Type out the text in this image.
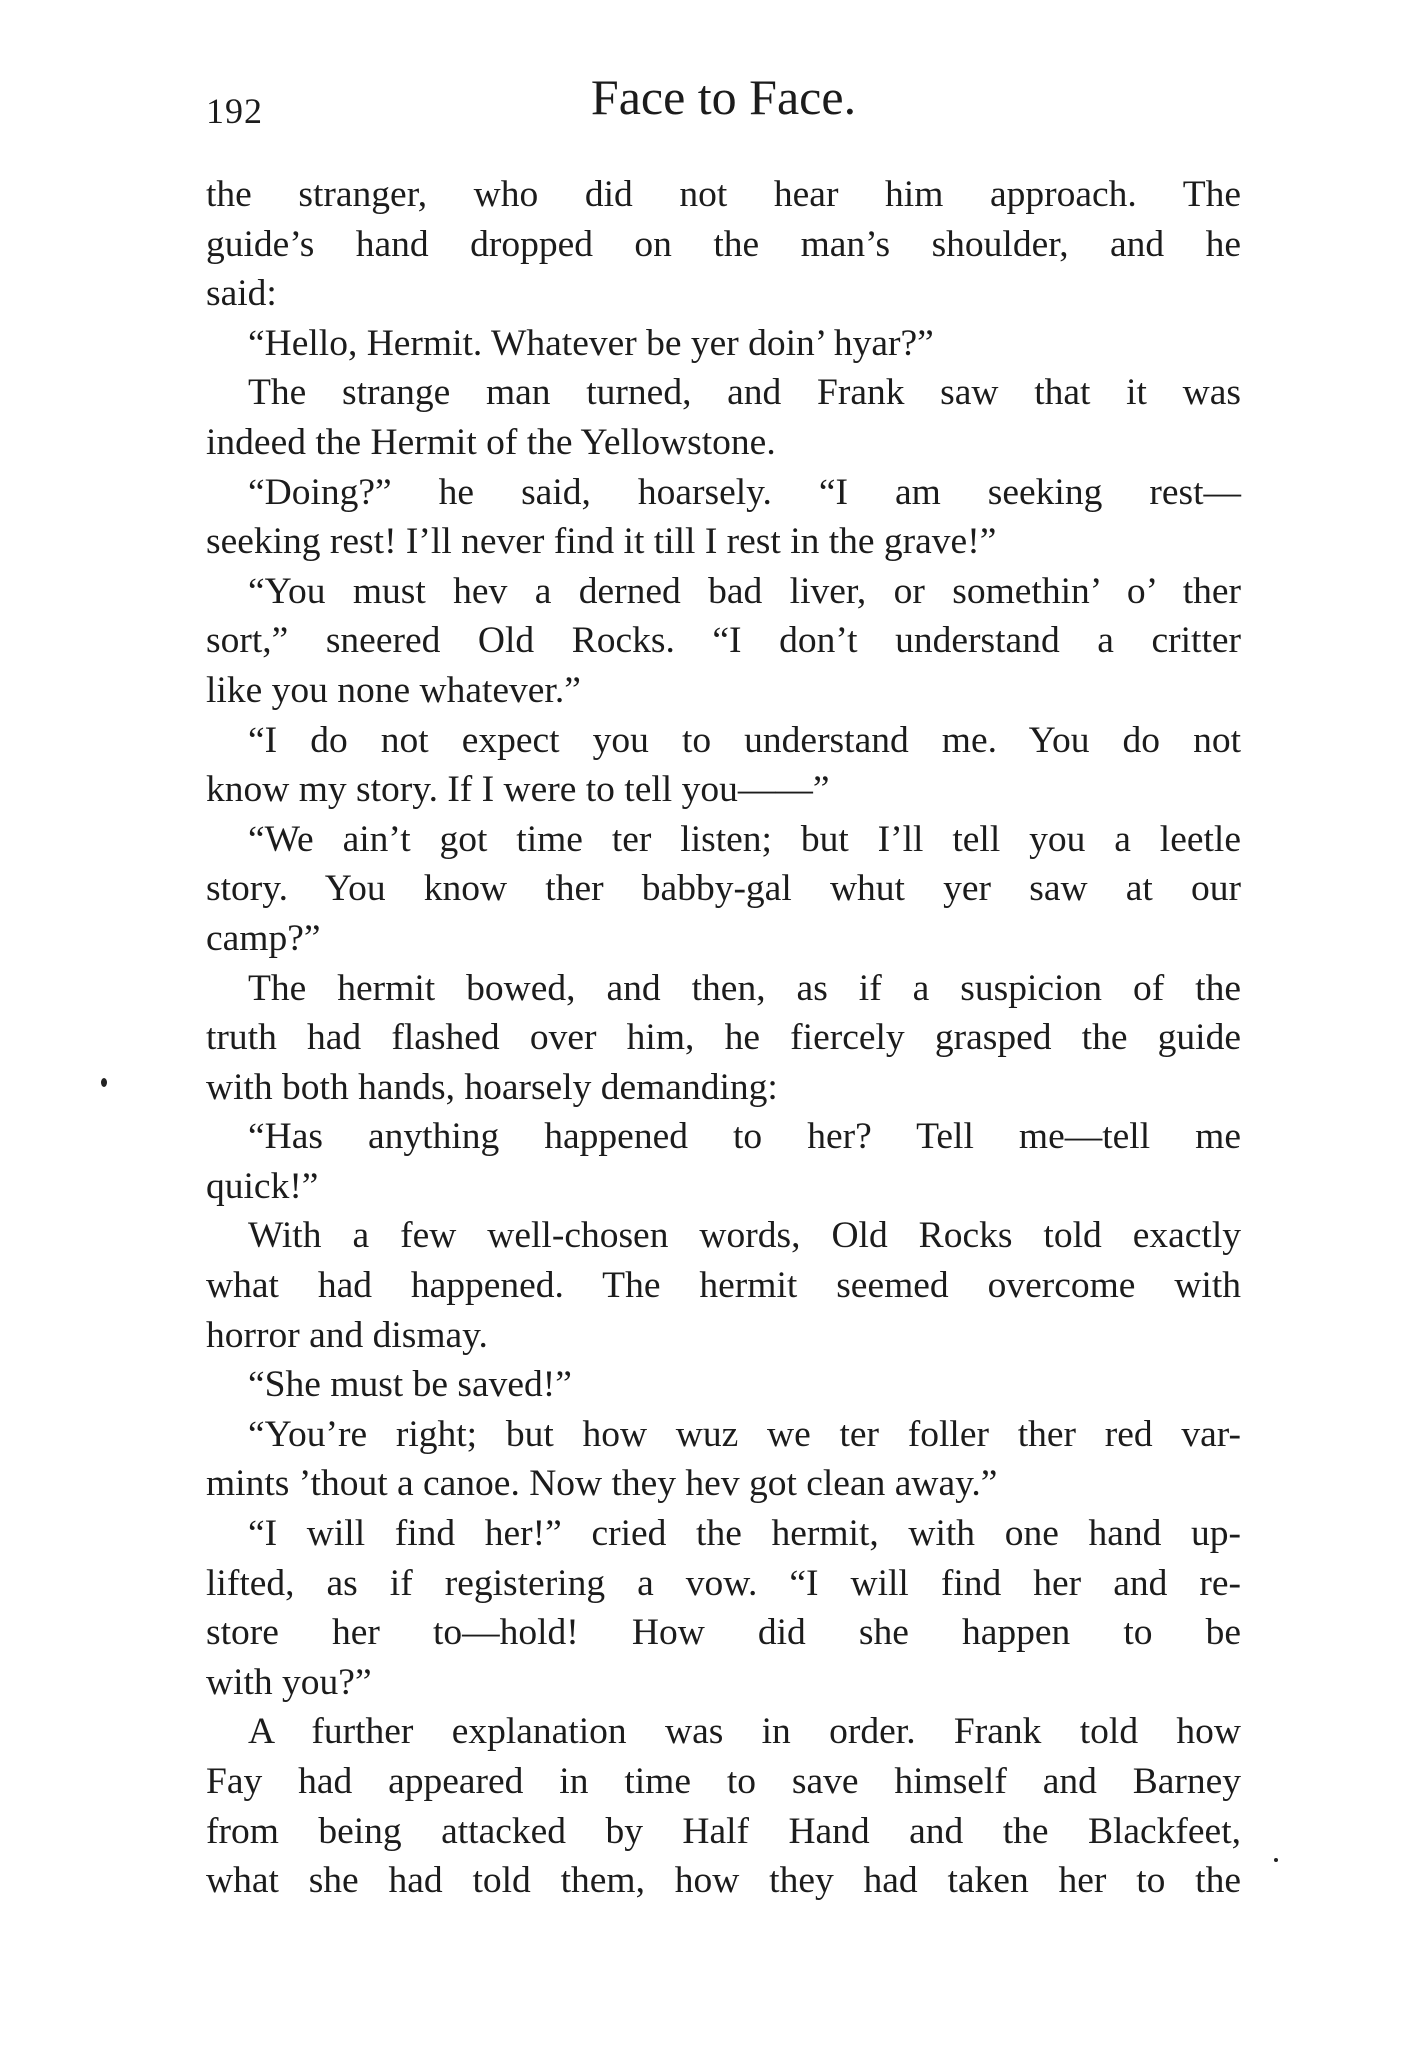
192	Face to Face.
the stranger, who did not hear him approach. The
guide’s hand dropped on the man’s shoulder, and he
said:
“Hello, Hermit. Whatever be yer doin’ hyar?”
The strange man turned, and Frank saw that it was
indeed the Hermit of the Yellowstone.
“Doing?” he said, hoarsely. “I am seeking rest—
seeking rest! I’ll never find it till I rest in the grave!”
“You must hev a derned bad liver, or somethin’ o’ ther
sort,” sneered Old Rocks. “I don’t understand a critter
like you none whatever.”
“I do not expect you to understand me. You do not
know my story. If I were to tell you——”
“We ain’t got time ter listen; but I’ll tell you a leetle
story. You know ther babby-gal whut yer saw at our
camp?”
The hermit bowed, and then, as if a suspicion of the
truth had flashed over him, he fiercely grasped the guide
with both hands, hoarsely demanding:
“Has anything happened to her? Tell me—tell me
quick!”
With a few well-chosen words, Old Rocks told exactly
what had happened. The hermit seemed overcome with
horror and dismay.
“She must be saved!”
“You’re right; but how wuz we ter foller ther red var-
mints ’thout a canoe. Now they hev got clean away.”
“I will find her!” cried the hermit, with one hand up-
lifted, as if registering a vow. “I will find her and re-
store her to—hold! How did she happen to be
with you?”
A further explanation was in order. Frank told how
Fay had appeared in time to save himself and Barney
from being attacked by Half Hand and the Blackfeet,
what she had told them, how they had taken her to the
